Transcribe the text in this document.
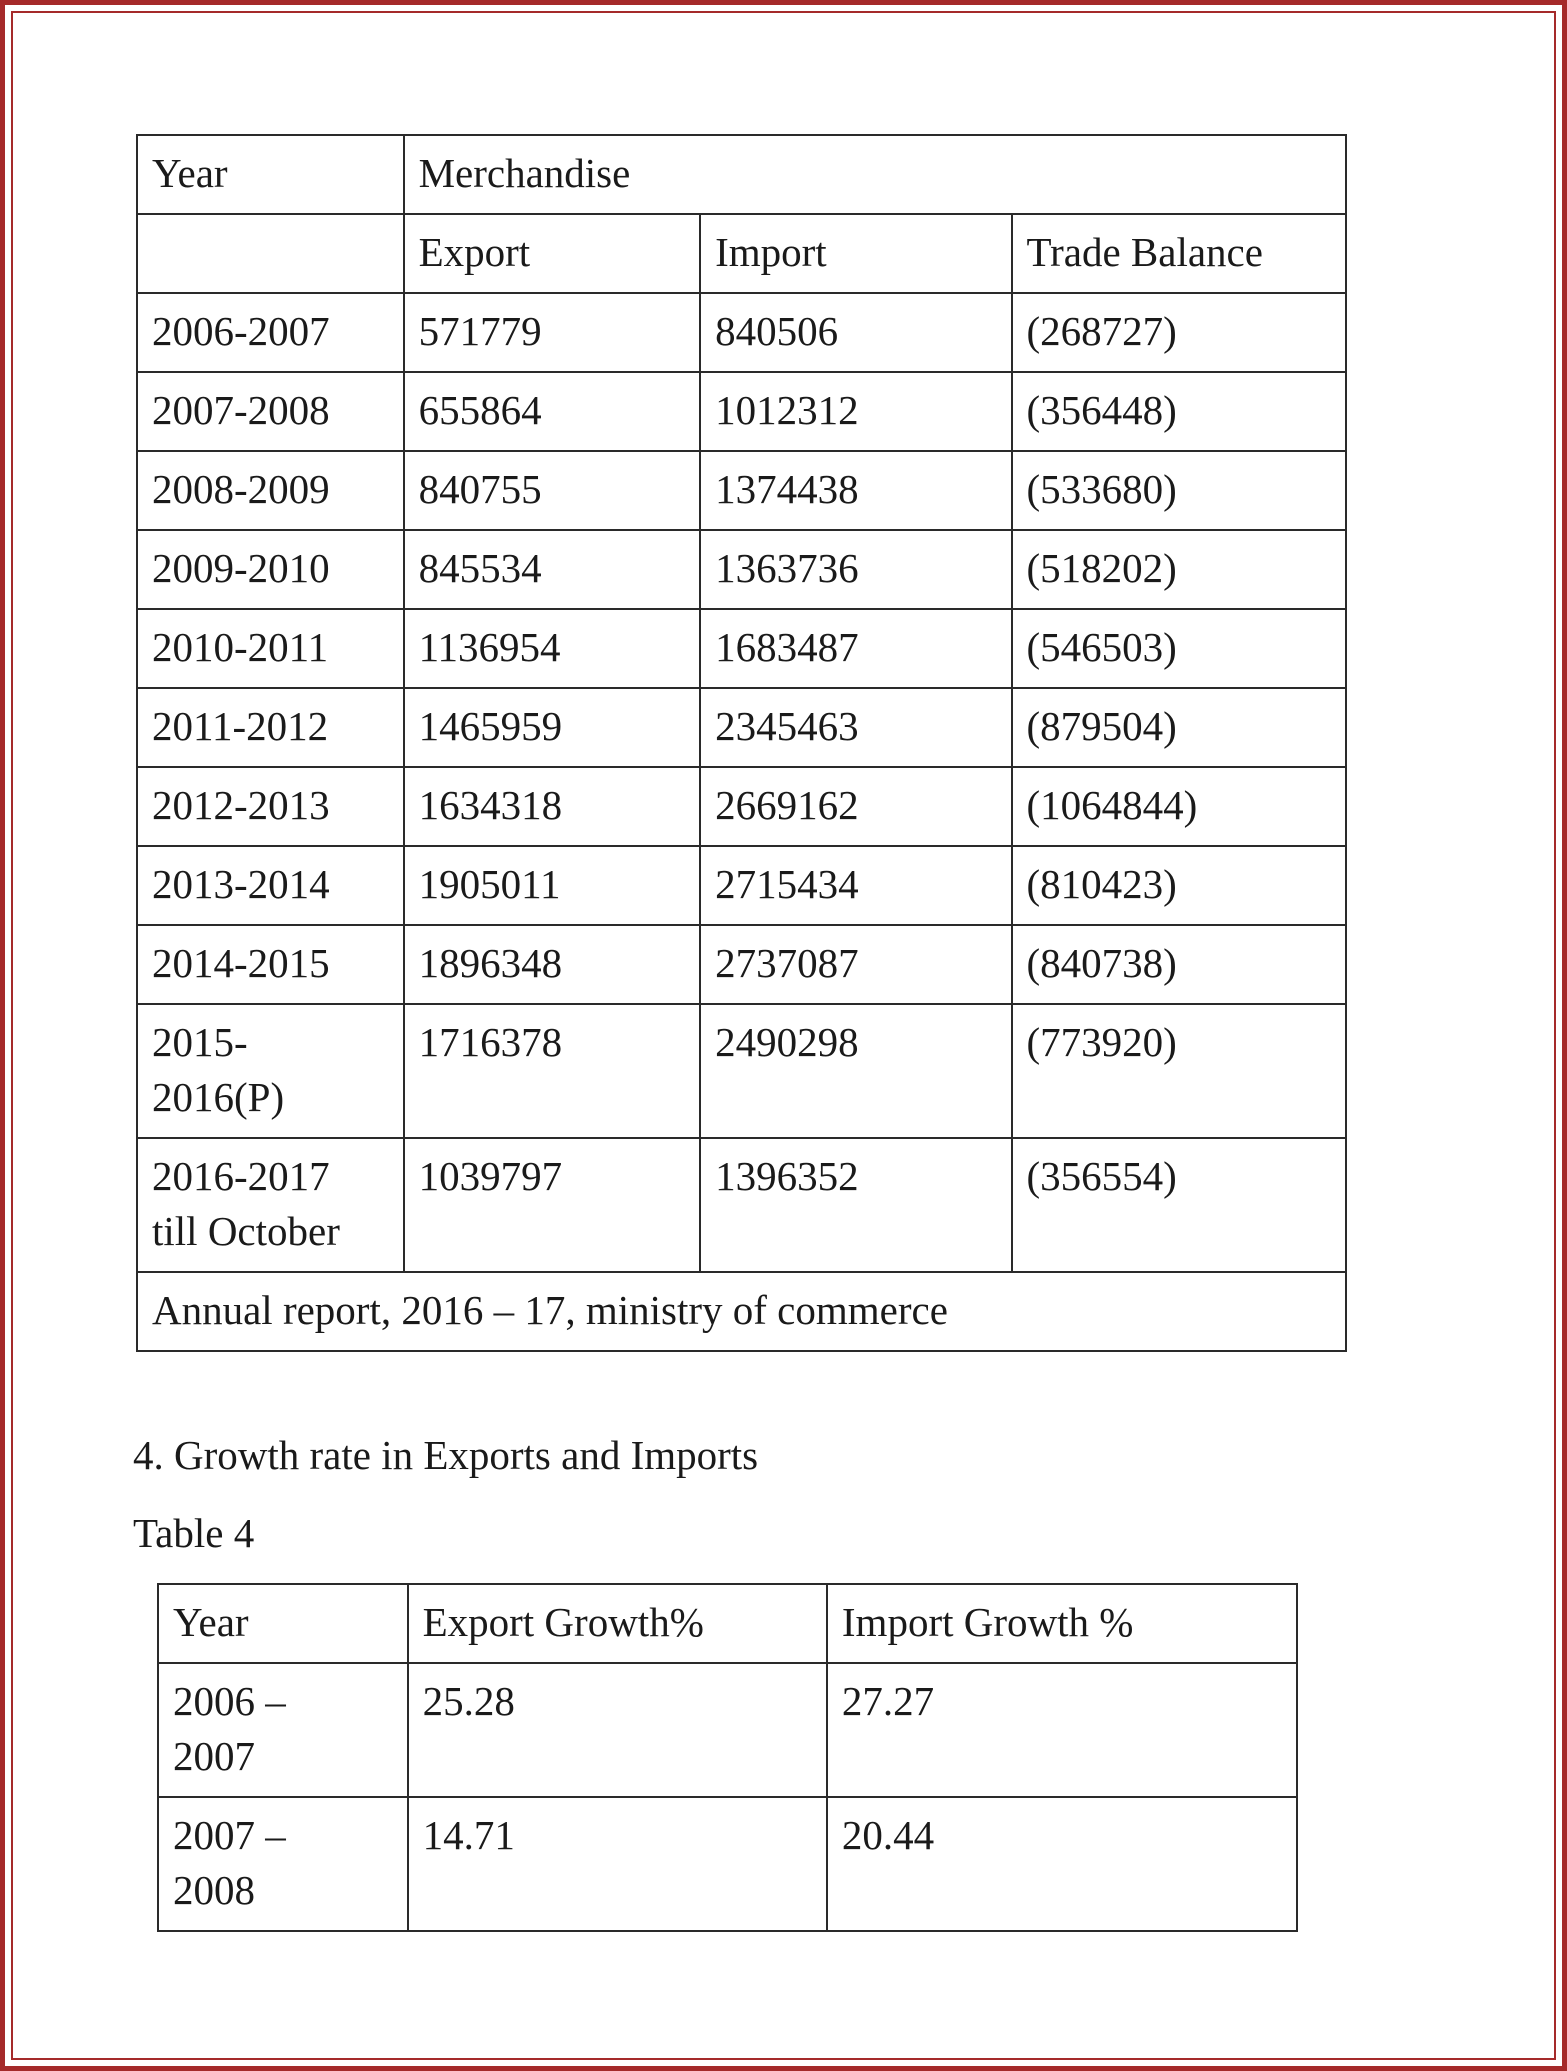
Year	Merchandise		
	Export	Import	Trade Balance
2006-2007	571779	840506	(268727)
2007-2008	655864	1012312	(356448)
2008-2009	840755	1374438	(533680)
2009-2010	845534	1363736	(518202)
2010-2011	1136954	1683487	(546503)
2011-2012	1465959	2345463	(879504)
2012-2013	1634318	2669162	(1064844)
2013-2014	1905011	2715434	(810423)
2014-2015	1896348	2737087	(840738)
2015-
2016(P)	1716378	2490298	(773920)
2016-2017
till October	1039797	1396352	(356554)
Annual report, 2016 – 17, ministry of commerce			

4. Growth rate in Exports and Imports

Table 4

Year	Export Growth%	Import Growth %
2006 –
2007	25.28	27.27
2007 –
2008	14.71	20.44
